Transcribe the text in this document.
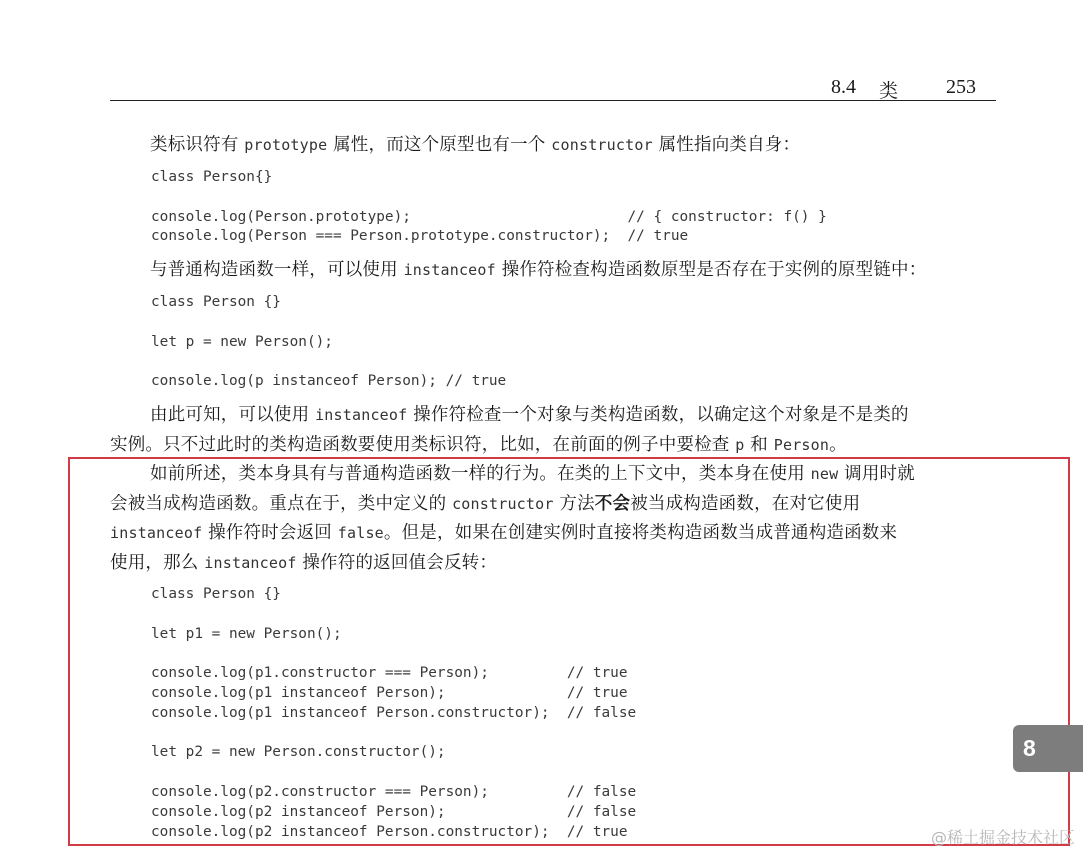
8.4 类 253
类标识符有 prototype 属性，而这个原型也有一个 constructor 属性指向类自身：
class Person{}

console.log(Person.prototype);                         // { constructor: f() }
console.log(Person === Person.prototype.constructor);  // true
与普通构造函数一样，可以使用 instanceof 操作符检查构造函数原型是否存在于实例的原型链中：
class Person {}

let p = new Person();

console.log(p instanceof Person); // true
由此可知，可以使用 instanceof 操作符检查一个对象与类构造函数，以确定这个对象是不是类的
实例。只不过此时的类构造函数要使用类标识符，比如，在前面的例子中要检查 p 和 Person。
如前所述，类本身具有与普通构造函数一样的行为。在类的上下文中，类本身在使用 new 调用时就
会被当成构造函数。重点在于，类中定义的 constructor 方法不会被当成构造函数，在对它使用
instanceof 操作符时会返回 false。但是，如果在创建实例时直接将类构造函数当成普通构造函数来
使用，那么 instanceof 操作符的返回值会反转：
class Person {}

let p1 = new Person();

console.log(p1.constructor === Person);         // true
console.log(p1 instanceof Person);              // true
console.log(p1 instanceof Person.constructor);  // false

let p2 = new Person.constructor();

console.log(p2.constructor === Person);         // false
console.log(p2 instanceof Person);              // false
console.log(p2 instanceof Person.constructor);  // true
8
@稀土掘金技术社区
